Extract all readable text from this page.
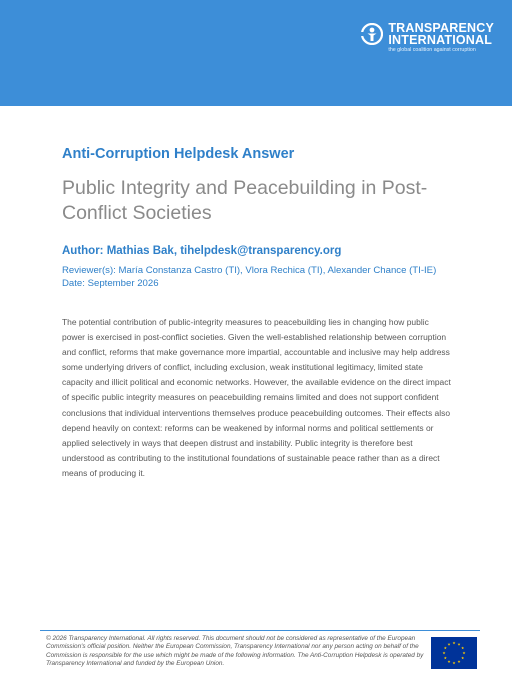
TRANSPARENCY
INTERNATIONAL
the global coalition against corruption
Anti-Corruption Helpdesk Answer
Public Integrity and Peacebuilding in Post-Conflict Societies
Author: Mathias Bak, tihelpdesk@transparency.org
Reviewer(s): María Constanza Castro (TI), Vlora Rechica (TI), Alexander Chance (TI-IE)
Date: September 2026
The potential contribution of public-integrity measures to peacebuilding lies in changing how public power is exercised in post-conflict societies. Given the well-established relationship between corruption and conflict, reforms that make governance more impartial, accountable and inclusive may help address some underlying drivers of conflict, including exclusion, weak institutional legitimacy, limited state capacity and illicit political and economic networks. However, the available evidence on the direct impact of specific public integrity measures on peacebuilding remains limited and does not support confident conclusions that individual interventions themselves produce peacebuilding outcomes. Their effects also depend heavily on context: reforms can be weakened by informal norms and political settlements or applied selectively in ways that deepen distrust and instability. Public integrity is therefore best understood as contributing to the institutional foundations of sustainable peace rather than as a direct means of producing it.
© 2026 Transparency International. All rights reserved. This document should not be considered as representative of the European Commission's official position. Neither the European Commission, Transparency International nor any person acting on behalf of the Commission is responsible for the use which might be made of the following information. The Anti-Corruption Helpdesk is operated by Transparency International and funded by the European Union.
